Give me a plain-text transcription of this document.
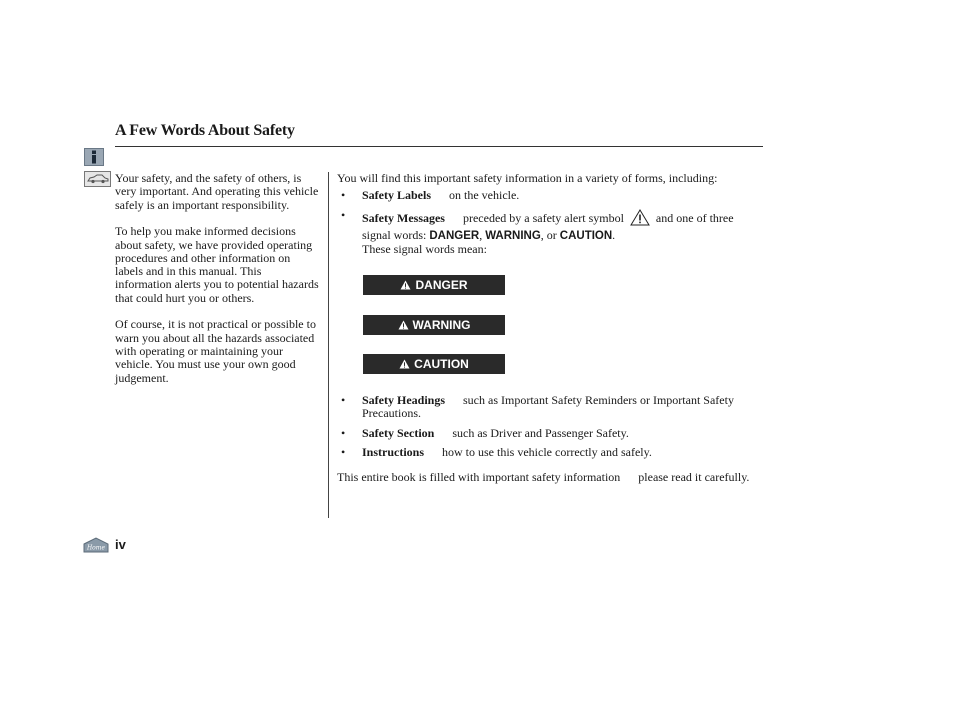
A Few Words About Safety

Your safety, and the safety of others, is very important. And operating this vehicle safely is an important responsibility.

To help you make informed decisions about safety, we have provided operating procedures and other information on labels and in this manual. This information alerts you to potential hazards that could hurt you or others.

Of course, it is not practical or possible to warn you about all the hazards associated with operating or maintaining your vehicle. You must use your own good judgement.

You will find this important safety information in a variety of forms, including:

• Safety Labels on the vehicle.
• Safety Messages preceded by a safety alert symbol	and one of three signal words: DANGER, WARNING, or CAUTION.
These signal words mean:
DANGER
WARNING
CAUTION
• Safety Headings such as Important Safety Reminders or Important Safety Precautions.
• Safety Section such as Driver and Passenger Safety.
• Instructions how to use this vehicle correctly and safely.

This entire book is filled with important safety information      please read it carefully.

Home iv
